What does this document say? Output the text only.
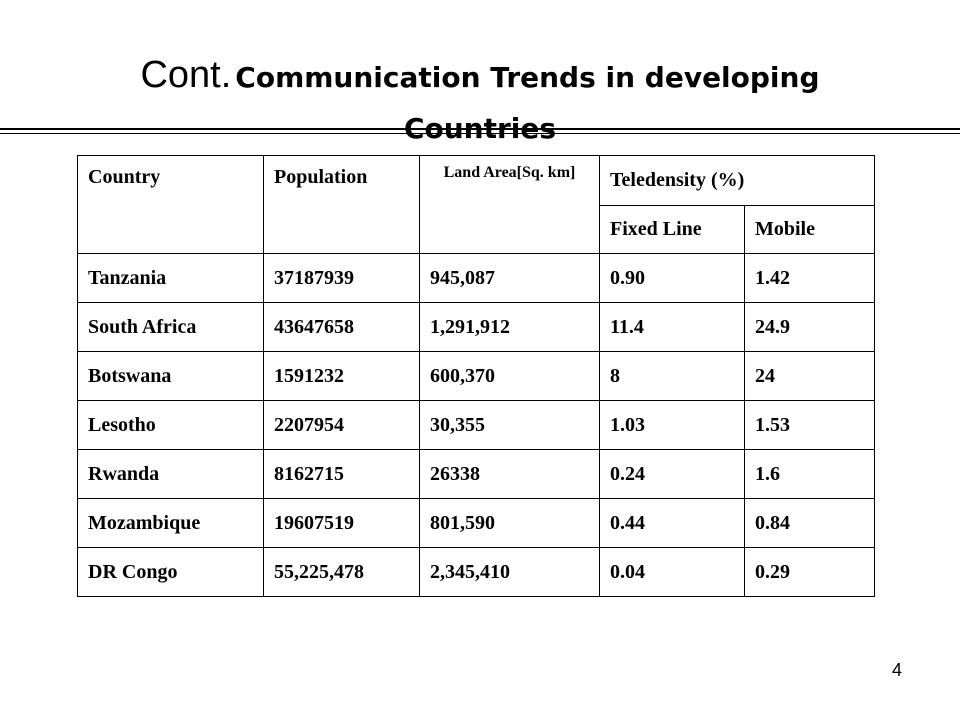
Cont. Communication Trends in developing

Country	Population	Land Area[Sq. km]	Teledensity (%)	
			Fixed Line	Mobile
Tanzania	37187939	945,087	0.90	1.42
South Africa	43647658	1,291,912	11.4	24.9
Botswana	1591232	600,370	8	24
Lesotho	2207954	30,355	1.03	1.53
Rwanda	8162715	26338	0.24	1.6
Mozambique	19607519	801,590	0.44	0.84
DR Congo	55,225,478	2,345,410	0.04	0.29
4
